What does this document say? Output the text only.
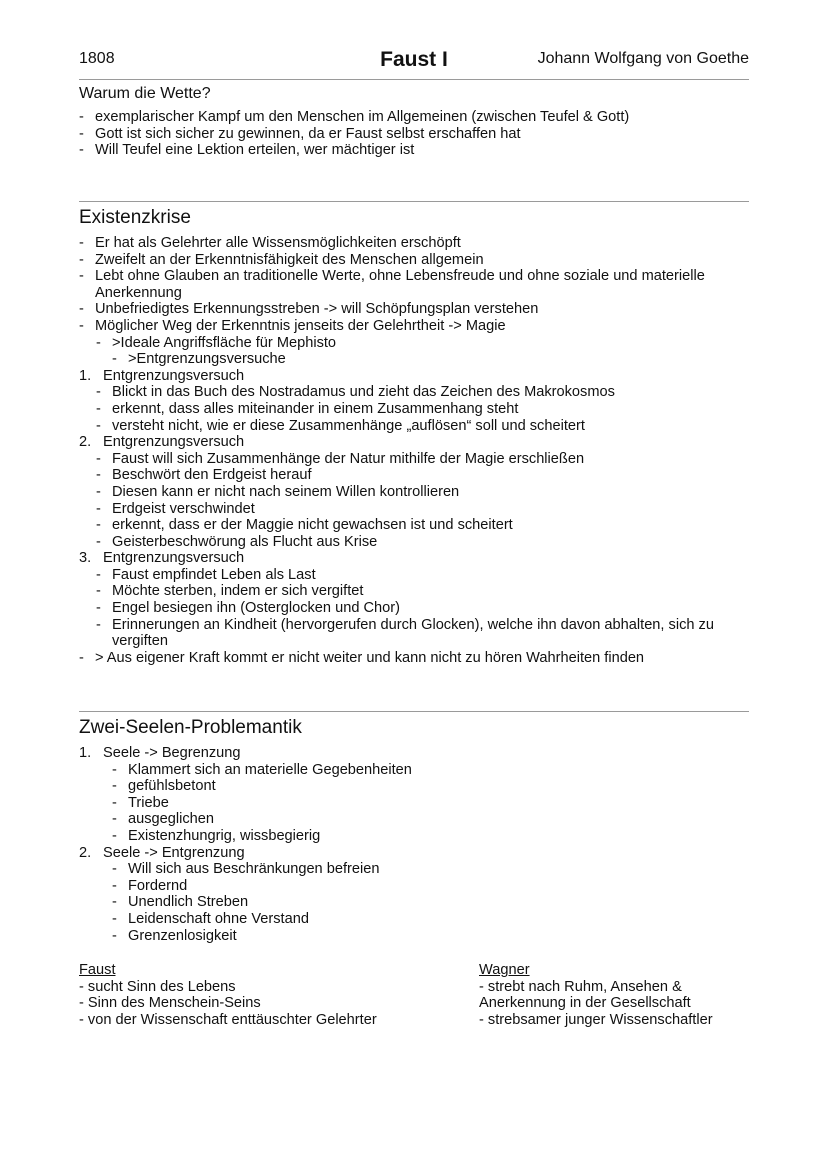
1808	Faust I	Johann Wolfgang von Goethe
Warum die Wette?
- exemplarischer Kampf um den Menschen im Allgemeinen (zwischen Teufel & Gott)
- Gott ist sich sicher zu gewinnen, da er Faust selbst erschaffen hat
- Will Teufel eine Lektion erteilen, wer mächtiger ist
Existenzkrise
- Er hat als Gelehrter alle Wissensmöglichkeiten erschöpft
- Zweifelt an der Erkenntnisfähigkeit des Menschen allgemein
- Lebt ohne Glauben an traditionelle Werte, ohne Lebensfreude und ohne soziale und materielle Anerkennung
- Unbefriedigtes Erkennungsstreben -> will Schöpfungsplan verstehen
- Möglicher Weg der Erkenntnis jenseits der Gelehrtheit -> Magie
- >Ideale Angriffsfläche für Mephisto
- >Entgrenzungsversuche
1. Entgrenzungsversuch
- Blickt in das Buch des Nostradamus und zieht das Zeichen des Makrokosmos
- erkennt, dass alles miteinander in einem Zusammenhang steht
- versteht nicht, wie er diese Zusammenhänge „auflösen“ soll und scheitert
2. Entgrenzungsversuch
- Faust will sich Zusammenhänge der Natur mithilfe der Magie erschließen
- Beschwört den Erdgeist herauf
- Diesen kann er nicht nach seinem Willen kontrollieren
- Erdgeist verschwindet
- erkennt, dass er der Maggie nicht gewachsen ist und scheitert
- Geisterbeschwörung als Flucht aus Krise
3. Entgrenzungsversuch
- Faust empfindet Leben als Last
- Möchte sterben, indem er sich vergiftet
- Engel besiegen ihn (Osterglocken und Chor)
- Erinnerungen an Kindheit (hervorgerufen durch Glocken), welche ihn davon abhalten, sich zu vergiften
- > Aus eigener Kraft kommt er nicht weiter und kann nicht zu hören Wahrheiten finden
Zwei-Seelen-Problemantik
1. Seele -> Begrenzung
- Klammert sich an materielle Gegebenheiten
- gefühlsbetont
- Triebe
- ausgeglichen
- Existenzhungrig, wissbegierig
2. Seele -> Entgrenzung
- Will sich aus Beschränkungen befreien
- Fordernd
- Unendlich Streben
- Leidenschaft ohne Verstand
- Grenzenlosigkeit
Faust
- sucht Sinn des Lebens
- Sinn des Menschein-Seins
- von der Wissenschaft enttäuschter Gelehrter
Wagner
- strebt nach Ruhm, Ansehen &
Anerkennung in der Gesellschaft
- strebsamer junger Wissenschaftler
